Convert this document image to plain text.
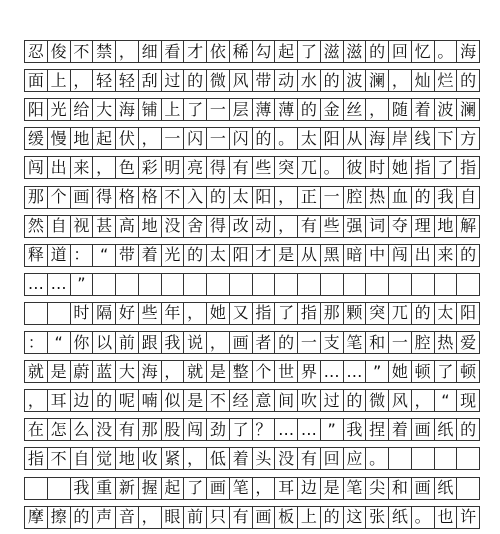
忍 俊 不 禁 ， 细 看 才 依 稀 勾 起 了 滋 滋 的 回 忆 。 海
面 上 ， 轻 轻 刮 过 的 微 风 带 动 水 的 波 澜 ， 灿 烂 的
阳 光 给 大 海 铺 上 了 一 层 薄 薄 的 金 丝 ， 随 着 波 澜
缓 慢 地 起 伏 ， 一 闪 一 闪 的 。 太 阳 从 海 岸 线 下 方
闯 出 来 ， 色 彩 明 亮 得 有 些 突 兀 。 彼 时 她 指 了 指
那 个 画 得 格 格 不 入 的 太 阳 ， 正 一 腔 热 血 的 我 自
然 自 视 甚 高 地 没 舍 得 改 动 ， 有 些 强 词 夺 理 地 解
释 道 ： “ 带 着 光 的 太 阳 才 是 从 黑 暗 中 闯 出 来 的
… … ”
时 隔 好 些 年 ， 她 又 指 了 指 那 颗 突 兀 的 太 阳
： “ 你 以 前 跟 我 说 ， 画 者 的 一 支 笔 和 一 腔 热 爱
就 是 蔚 蓝 大 海 ， 就 是 整 个 世 界 … … ” 她 顿 了 顿
， 耳 边 的 呢 喃 似 是 不 经 意 间 吹 过 的 微 风 ， “ 现
在 怎 么 没 有 那 股 闯 劲 了 ？ … … ” 我 捏 着 画 纸 的
指 不 自 觉 地 收 紧 ， 低 着 头 没 有 回 应 。
我 重 新 握 起 了 画 笔 ， 耳 边 是 笔 尖 和 画 纸
摩 擦 的 声 音 ， 眼 前 只 有 画 板 上 的 这 张 纸 。 也 许
